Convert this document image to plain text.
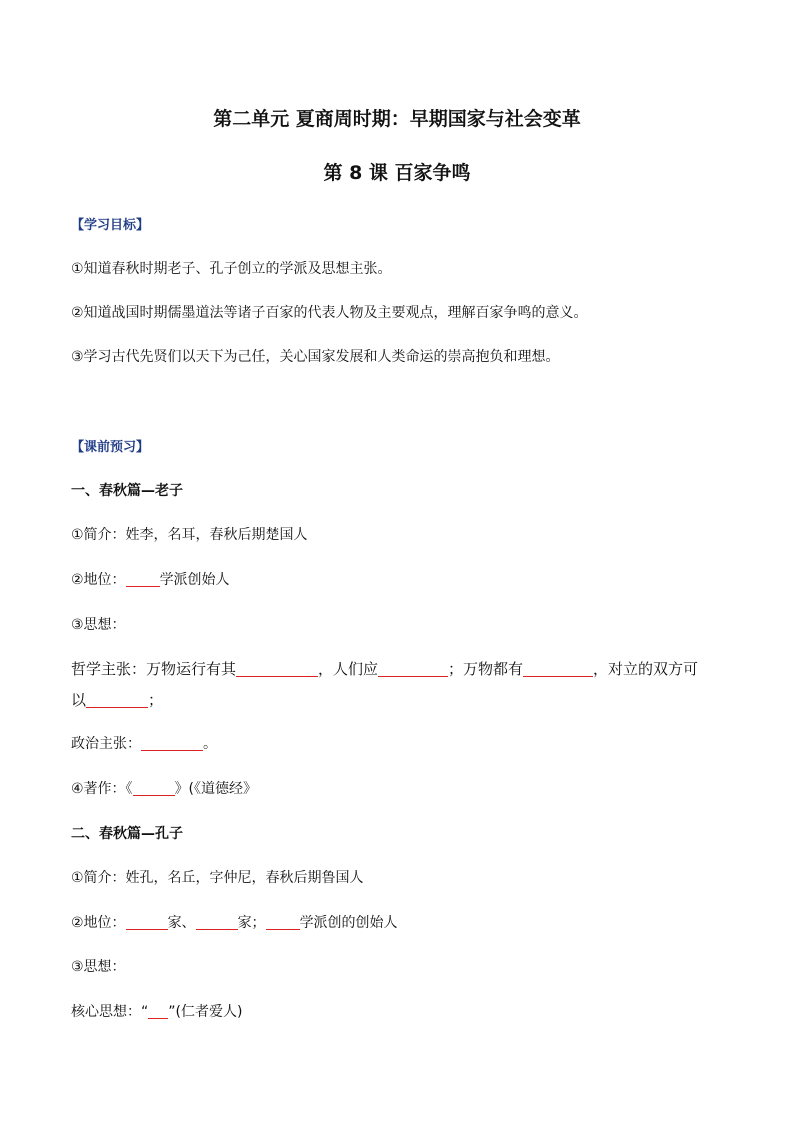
第二单元 夏商周时期：早期国家与社会变革
第 8 课 百家争鸣
【学习目标】
①知道春秋时期老子、孔子创立的学派及思想主张。
②知道战国时期儒墨道法等诸子百家的代表人物及主要观点，理解百家争鸣的意义。
③学习古代先贤们以天下为己任，关心国家发展和人类命运的崇高抱负和理想。
【课前预习】
一、春秋篇—老子
①简介：姓李，名耳，春秋后期楚国人
②地位： 学派创始人
③思想：
哲学主张：万物运行有其	，人们应	；万物都有	，对立的双方可
以	；
政治主张：	。
④著作：《	》(《道德经》
二、春秋篇—孔子
①简介：姓孔，名丘，字仲尼，春秋后期鲁国人
②地位：	家、	家； 学派创的创始人
③思想：
核心思想：“ ”(仁者爱人)
